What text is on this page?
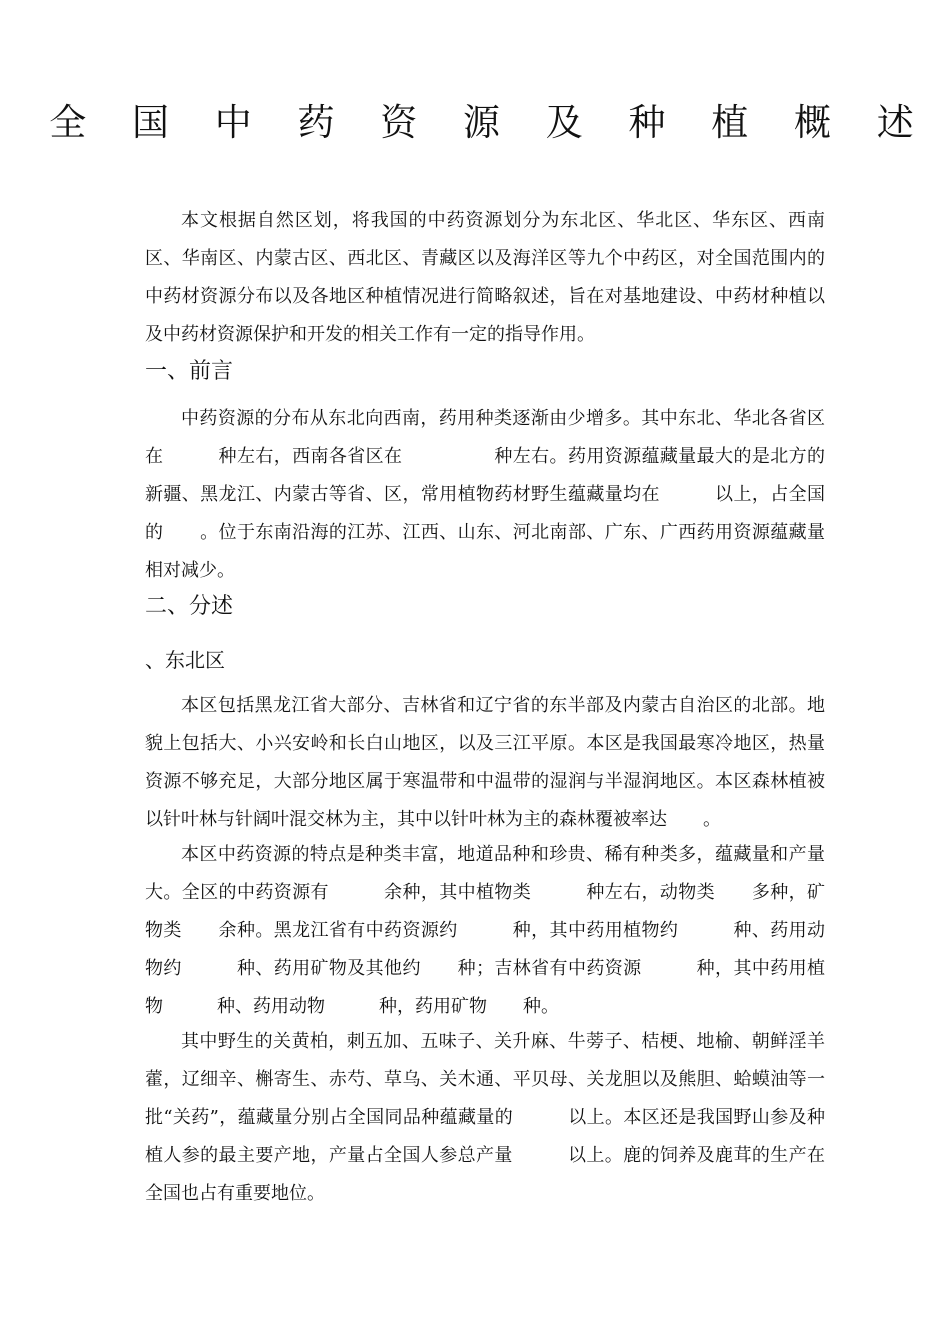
全 国 中 药 资 源 及 种 植 概 述
本文根据自然区划，将我国的中药资源划分为东北区、华北区、华东区、西南区、华南区、内蒙古区、西北区、青藏区以及海洋区等九个中药区，对全国范围内的中药材资源分布以及各地区种植情况进行简略叙述，旨在对基地建设、中药材种植以及中药材资源保护和开发的相关工作有一定的指导作用。
一、前言
中药资源的分布从东北向西南，药用种类逐渐由少增多。其中东北、华北各省区在　　　种左右，西南各省区在　　　　　种左右。药用资源蕴藏量最大的是北方的新疆、黑龙江、内蒙古等省、区，常用植物药材野生蕴藏量均在　　　以上，占全国的　　。位于东南沿海的江苏、江西、山东、河北南部、广东、广西药用资源蕴藏量相对减少。
二、分述
、东北区
本区包括黑龙江省大部分、吉林省和辽宁省的东半部及内蒙古自治区的北部。地貌上包括大、小兴安岭和长白山地区，以及三江平原。本区是我国最寒冷地区，热量资源不够充足，大部分地区属于寒温带和中温带的湿润与半湿润地区。本区森林植被以针叶林与针阔叶混交林为主，其中以针叶林为主的森林覆被率达　　。
本区中药资源的特点是种类丰富，地道品种和珍贵、稀有种类多，蕴藏量和产量大。全区的中药资源有　　　余种，其中植物类　　　种左右，动物类　　多种，矿物类　　余种。黑龙江省有中药资源约　　　种，其中药用植物约　　　种、药用动物约　　　种、药用矿物及其他约　　种；吉林省有中药资源　　　种，其中药用植物　　　种、药用动物　　　种，药用矿物　　种。
其中野生的关黄柏，刺五加、五味子、关升麻、牛蒡子、桔梗、地榆、朝鲜淫羊藿，辽细辛、槲寄生、赤芍、草乌、关木通、平贝母、关龙胆以及熊胆、蛤蟆油等一批“关药”，蕴藏量分别占全国同品种蕴藏量的　　　以上。本区还是我国野山参及种植人参的最主要产地，产量占全国人参总产量　　　以上。鹿的饲养及鹿茸的生产在全国也占有重要地位。
